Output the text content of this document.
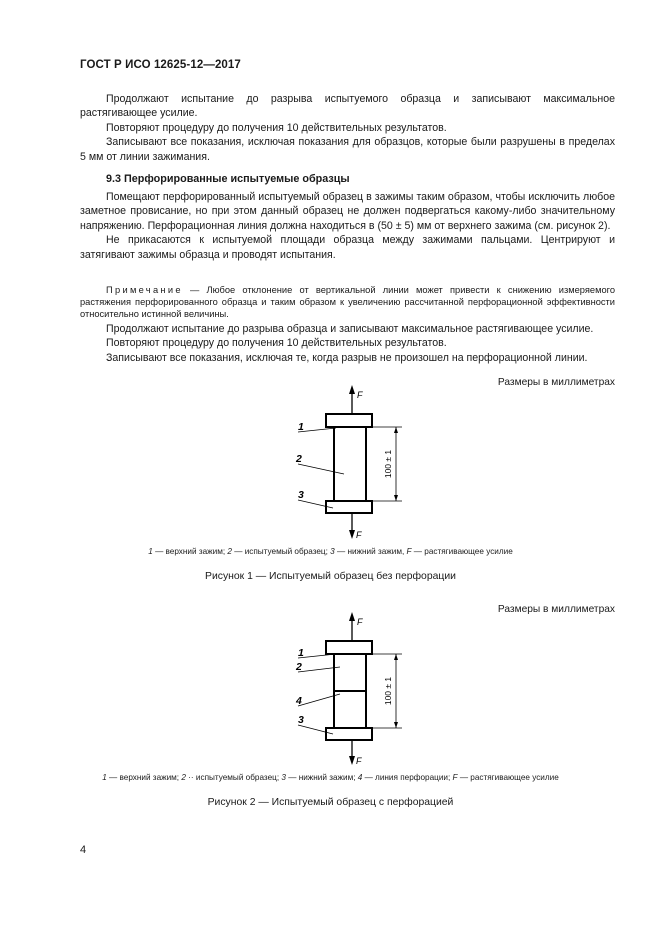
ГОСТ Р ИСО 12625-12—2017

Продолжают испытание до разрыва испытуемого образца и записывают максимальное растягивающее усилие.

Повторяют процедуру до получения 10 действительных результатов.

Записывают все показания, исключая показания для образцов, которые были разрушены в пределах 5 мм от линии зажимания.

9.3 Перфорированные испытуемые образцы

Помещают перфорированный испытуемый образец в зажимы таким образом, чтобы исключить любое заметное провисание, но при этом данный образец не должен подвергаться какому-либо значительному напряжению. Перфорационная линия должна находиться в (50 ± 5) мм от верхнего зажима (см. рисунок 2).

Не прикасаются к испытуемой площади образца между зажимами пальцами. Центрируют и затягивают зажимы образца и проводят испытания.

Примечание — Любое отклонение от вертикальной линии может привести к снижению измеряемого растяжения перфорированного образца и таким образом к увеличению рассчитанной перфорационной эффективности относительно истинной величины.

Продолжают испытание до разрыва образца и записывают максимальное растягивающее усилие.

Повторяют процедуру до получения 10 действительных результатов.

Записывают все показания, исключая те, когда разрыв не произошел на перфорационной линии.

Размеры в миллиметрах
F
F
100 ± 1
1
2
3
1 — верхний зажим; 2 — испытуемый образец; 3 — нижний зажим, F — растягивающее усилие
Рисунок 1 — Испытуемый образец без перфорации
Размеры в миллиметрах
F
F
100 ± 1
1
2
4
3
1 — верхний зажим; 2 ·· испытуемый образец; 3 — нижний зажим; 4 — линия перфорации; F — растягивающее усилие
Рисунок 2 — Испытуемый образец с перфорацией
4
